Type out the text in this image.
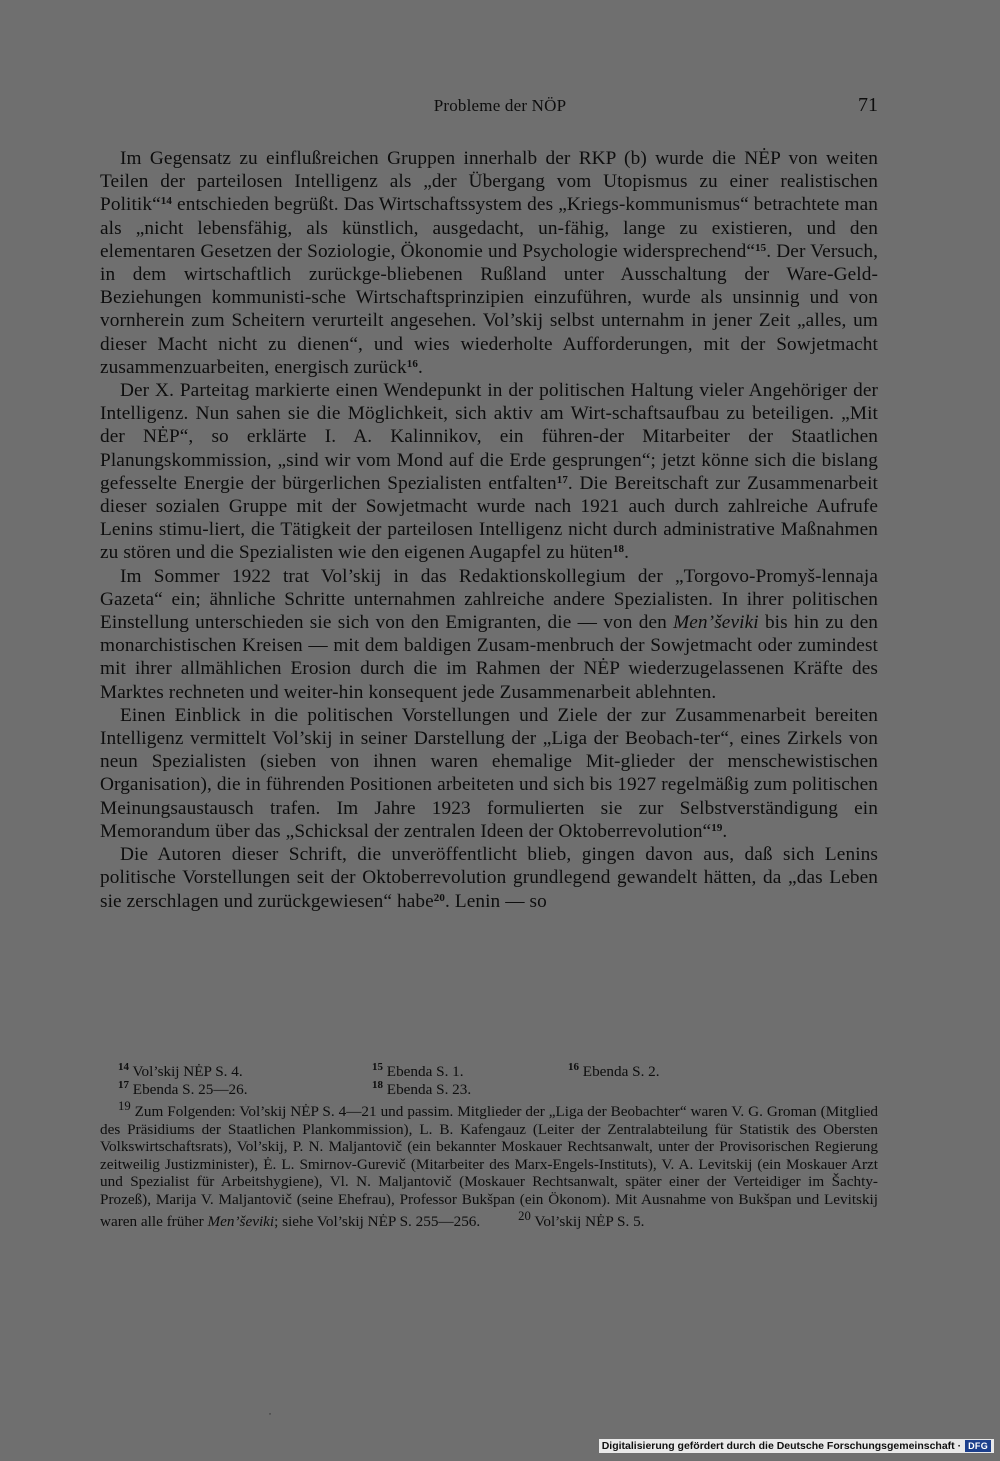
Probleme der NÖP	71

Im Gegensatz zu einflußreichen Gruppen innerhalb der RKP (b) wurde die NĖP von weiten Teilen der parteilosen Intelligenz als „der Übergang vom Utopismus zu einer realistischen Politik“$^{14}$ entschieden begrüßt. Das Wirtschaftssystem des „Kriegs-kommunismus“ betrachtete man als „nicht lebensfähig, als künstlich, ausgedacht, un-fähig, lange zu existieren, und den elementaren Gesetzen der Soziologie, Ökonomie und Psychologie widersprechend“$^{15}$. Der Versuch, in dem wirtschaftlich zurückge-bliebenen Rußland unter Ausschaltung der Ware-Geld-Beziehungen kommunisti-sche Wirtschaftsprinzipien einzuführen, wurde als unsinnig und von vornherein zum Scheitern verurteilt angesehen. Vol’skij selbst unternahm in jener Zeit „alles, um dieser Macht nicht zu dienen“, und wies wiederholte Aufforderungen, mit der Sowjetmacht zusammenzuarbeiten, energisch zurück$^{16}$.

Der X. Parteitag markierte einen Wendepunkt in der politischen Haltung vieler Angehöriger der Intelligenz. Nun sahen sie die Möglichkeit, sich aktiv am Wirt-schaftsaufbau zu beteiligen. „Mit der NĖP“, so erklärte I. A. Kalinnikov, ein führen-der Mitarbeiter der Staatlichen Planungskommission, „sind wir vom Mond auf die Erde gesprungen“; jetzt könne sich die bislang gefesselte Energie der bürgerlichen Spezialisten entfalten$^{17}$. Die Bereitschaft zur Zusammenarbeit dieser sozialen Gruppe mit der Sowjetmacht wurde nach 1921 auch durch zahlreiche Aufrufe Lenins stimu-liert, die Tätigkeit der parteilosen Intelligenz nicht durch administrative Maßnahmen zu stören und die Spezialisten wie den eigenen Augapfel zu hüten$^{18}$.

Im Sommer 1922 trat Vol’skij in das Redaktionskollegium der „Torgovo-Promyš-lennaja Gazeta“ ein; ähnliche Schritte unternahmen zahlreiche andere Spezialisten. In ihrer politischen Einstellung unterschieden sie sich von den Emigranten, die — von den Men’ševiki bis hin zu den monarchistischen Kreisen — mit dem baldigen Zusam-menbruch der Sowjetmacht oder zumindest mit ihrer allmählichen Erosion durch die im Rahmen der NĖP wiederzugelassenen Kräfte des Marktes rechneten und weiter-hin konsequent jede Zusammenarbeit ablehnten.

Einen Einblick in die politischen Vorstellungen und Ziele der zur Zusammenarbeit bereiten Intelligenz vermittelt Vol’skij in seiner Darstellung der „Liga der Beobach-ter“, eines Zirkels von neun Spezialisten (sieben von ihnen waren ehemalige Mit-glieder der menschewistischen Organisation), die in führenden Positionen arbeiteten und sich bis 1927 regelmäßig zum politischen Meinungsaustausch trafen. Im Jahre 1923 formulierten sie zur Selbstverständigung ein Memorandum über das „Schicksal der zentralen Ideen der Oktoberrevolution“$^{19}$.

Die Autoren dieser Schrift, die unveröffentlicht blieb, gingen davon aus, daß sich Lenins politische Vorstellungen seit der Oktoberrevolution grundlegend gewandelt hätten, da „das Leben sie zerschlagen und zurückgewiesen“ habe$^{20}$. Lenin — so

$^{14}$ Vol’skij NĖP S. 4.	$^{15}$ Ebenda S. 1.	$^{16}$ Ebenda S. 2.
$^{17}$ Ebenda S. 25—26.	$^{18}$ Ebenda S. 23.

$^{19}$ Zum Folgenden: Vol’skij NĖP S. 4—21 und passim. Mitglieder der „Liga der Beobachter“ waren V. G. Groman (Mitglied des Präsidiums der Staatlichen Plankommission), L. B. Kafengauz (Leiter der Zentralabteilung für Statistik des Obersten Volkswirtschaftsrats), Vol’skij, P. N. Maljantovič (ein bekannter Moskauer Rechtsanwalt, unter der Provisorischen Regierung zeitweilig Justizminister), Ė. L. Smirnov-Gurevič (Mitarbeiter des Marx-Engels-Instituts), V. A. Levitskij (ein Moskauer Arzt und Spezialist für Arbeitshygiene), Vl. N. Maljantovič (Moskauer Rechtsanwalt, später einer der Verteidiger im Šachty-Prozeß), Marija V. Maljantovič (seine Ehefrau), Professor Bukšpan (ein Ökonom). Mit Ausnahme von Bukšpan und Levitskij waren alle früher Men’ševiki; siehe Vol’skij NĖP S. 255—256.	$^{20}$ Vol’skij NĖP S. 5.

˙
Digitalisierung gefördert durch die Deutsche Forschungsgemeinschaft · DFG
